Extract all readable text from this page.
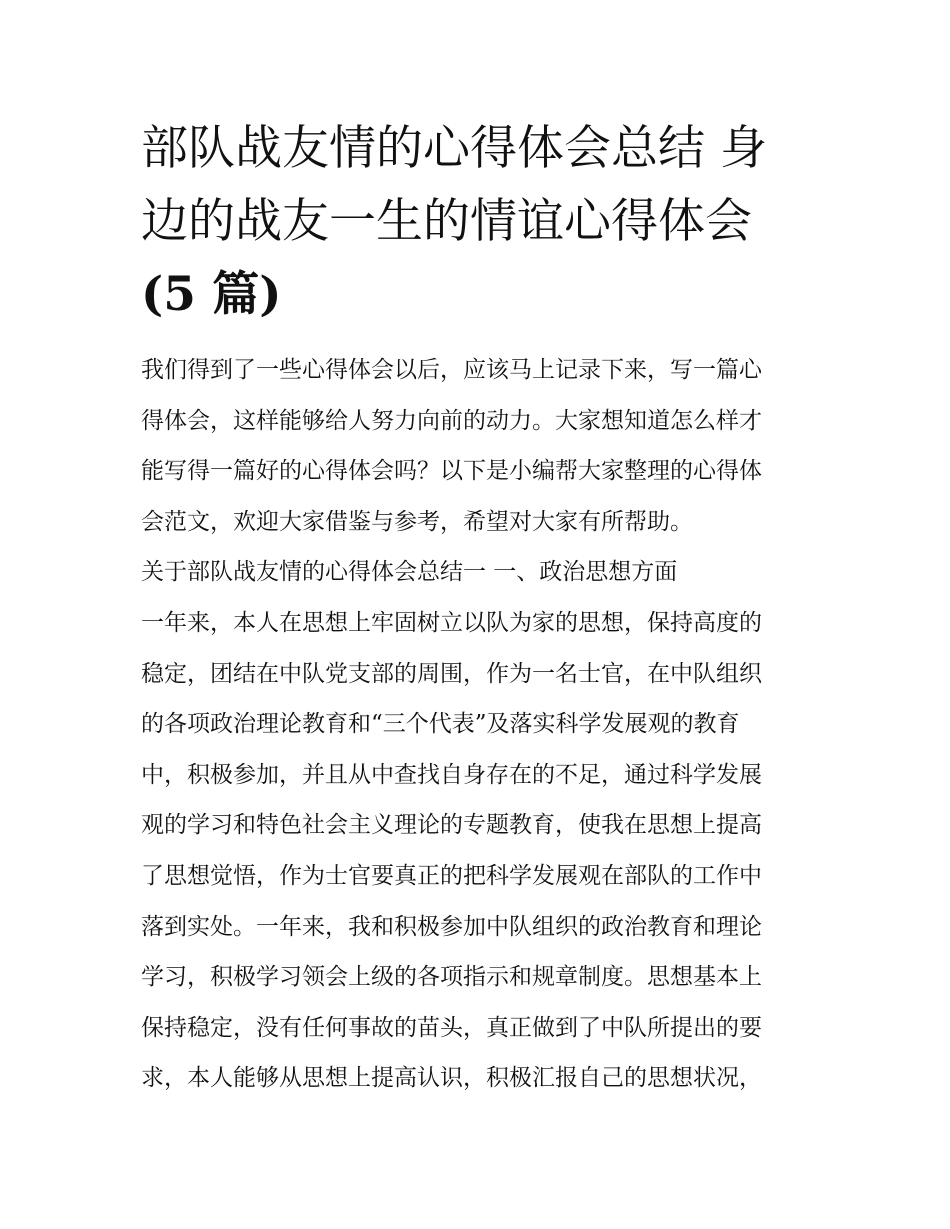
部队战友情的心得体会总结 身
边的战友一生的情谊心得体会
(5 篇)
我们得到了一些心得体会以后，应该马上记录下来，写一篇心
得体会，这样能够给人努力向前的动力。大家想知道怎么样才
能写得一篇好的心得体会吗？以下是小编帮大家整理的心得体
会范文，欢迎大家借鉴与参考，希望对大家有所帮助。
关于部队战友情的心得体会总结一 一、政治思想方面
一年来，本人在思想上牢固树立以队为家的思想，保持高度的
稳定，团结在中队党支部的周围，作为一名士官，在中队组织
的各项政治理论教育和“三个代表”及落实科学发展观的教育
中，积极参加，并且从中查找自身存在的不足，通过科学发展
观的学习和特色社会主义理论的专题教育，使我在思想上提高
了思想觉悟，作为士官要真正的把科学发展观在部队的工作中
落到实处。一年来，我和积极参加中队组织的政治教育和理论
学习，积极学习领会上级的各项指示和规章制度。思想基本上
保持稳定，没有任何事故的苗头，真正做到了中队所提出的要
求，本人能够从思想上提高认识，积极汇报自己的思想状况，
